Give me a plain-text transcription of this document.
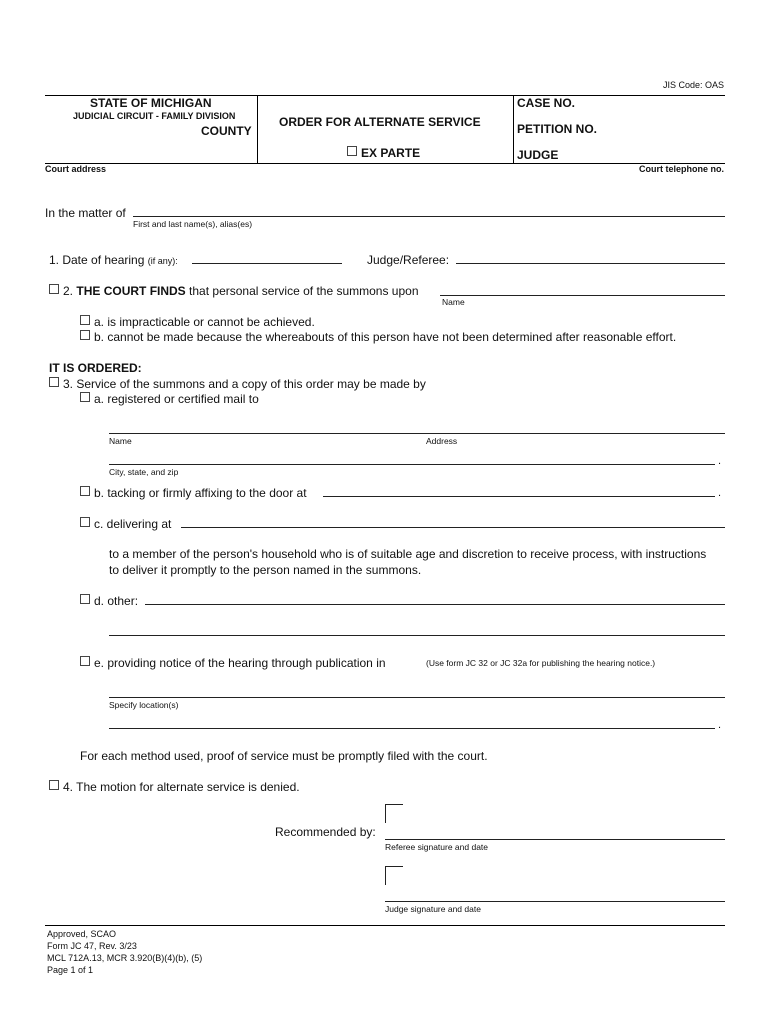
JIS Code: OAS
STATE OF MICHIGAN
JUDICIAL CIRCUIT - FAMILY DIVISION
COUNTY
ORDER FOR ALTERNATE SERVICE
EX PARTE
CASE NO.
PETITION NO.
JUDGE
Court address	Court telephone no.
In the matter of
First and last name(s), alias(es)
1. Date of hearing (if any):	Judge/Referee:
2. THE COURT FINDS that personal service of the summons upon
Name
a. is impracticable or cannot be achieved.
b. cannot be made because the whereabouts of this person have not been determined after reasonable effort.
IT IS ORDERED:
3. Service of the summons and a copy of this order may be made by
a. registered or certified mail to
Name	Address
.
City, state, and zip
b. tacking or firmly affixing to the door at	.
c. delivering at
to a member of the person's household who is of suitable age and discretion to receive process, with instructions
to deliver it promptly to the person named in the summons.
d. other:
e. providing notice of the hearing through publication in	(Use form JC 32 or JC 32a for publishing the hearing notice.)
Specify location(s)
.
For each method used, proof of service must be promptly filed with the court.
4. The motion for alternate service is denied.
Recommended by:
Referee signature and date
Judge signature and date
Approved, SCAO
Form JC 47, Rev. 3/23
MCL 712A.13, MCR 3.920(B)(4)(b), (5)
Page 1 of 1
